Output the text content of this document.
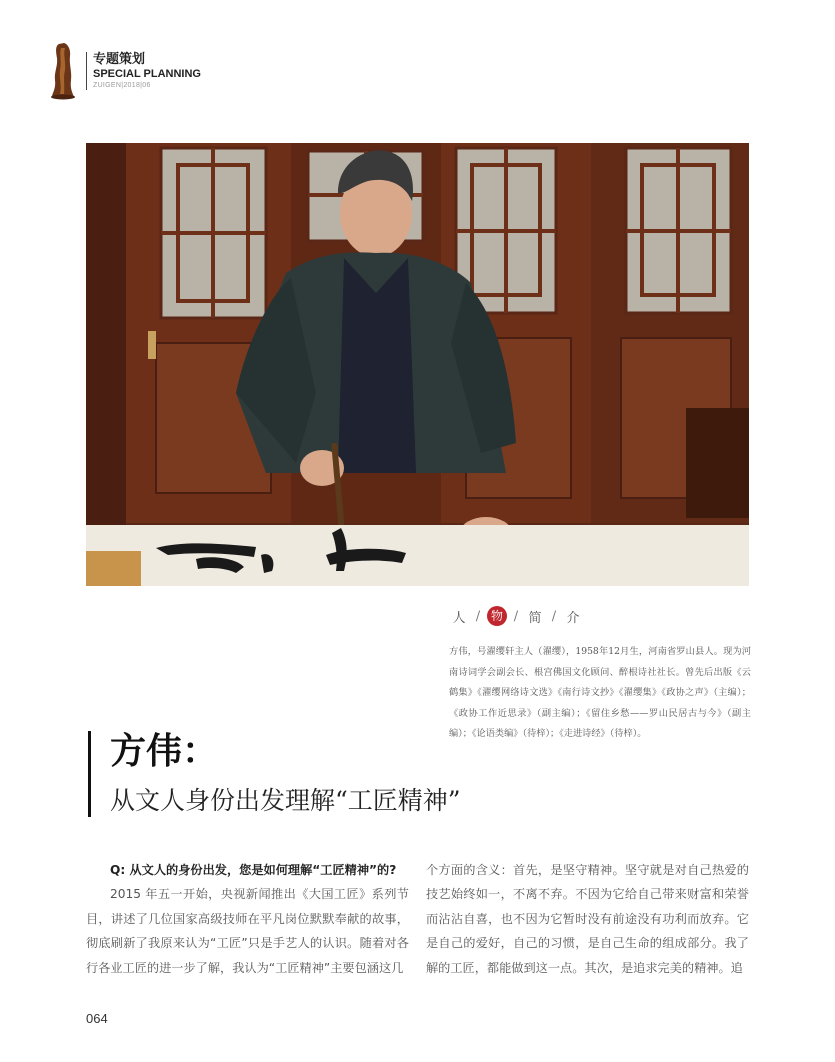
专题策划
SPECIAL PLANNING
ZUIGEN|2018|06
人 / 物 / 简 / 介
方伟，号濯缨轩主人（濯缨），1958年12月生，河南省罗山县人。现为河南诗词学会副会长、根宫佛国文化顾问、醉根诗社社长。曾先后出版《云鹤集》《濯缨网络诗文选》《南行诗文抄》《濯缨集》《政协之声》（主编）；《政协工作近思录》（副主编）；《留住乡愁——罗山民居古与今》（副主编）；《论语类编》（待梓）；《走进诗经》（待梓）。
方伟：
从文人身份出发理解“工匠精神”

Q: 从文人的身份出发，您是如何理解“工匠精神”的?

2015 年五一开始，央视新闻推出《大国工匠》系列节目，讲述了几位国家高级技师在平凡岗位默默奉献的故事，彻底刷新了我原来认为“工匠”只是手艺人的认识。随着对各行各业工匠的进一步了解，我认为“工匠精神”主要包涵这几

个方面的含义：首先，是坚守精神。坚守就是对自己热爱的技艺始终如一，不离不弃。不因为它给自己带来财富和荣誉而沾沾自喜，也不因为它暂时没有前途没有功利而放弃。它是自己的爱好，自己的习惯，是自己生命的组成部分。我了解的工匠，都能做到这一点。其次，是追求完美的精神。追

064
